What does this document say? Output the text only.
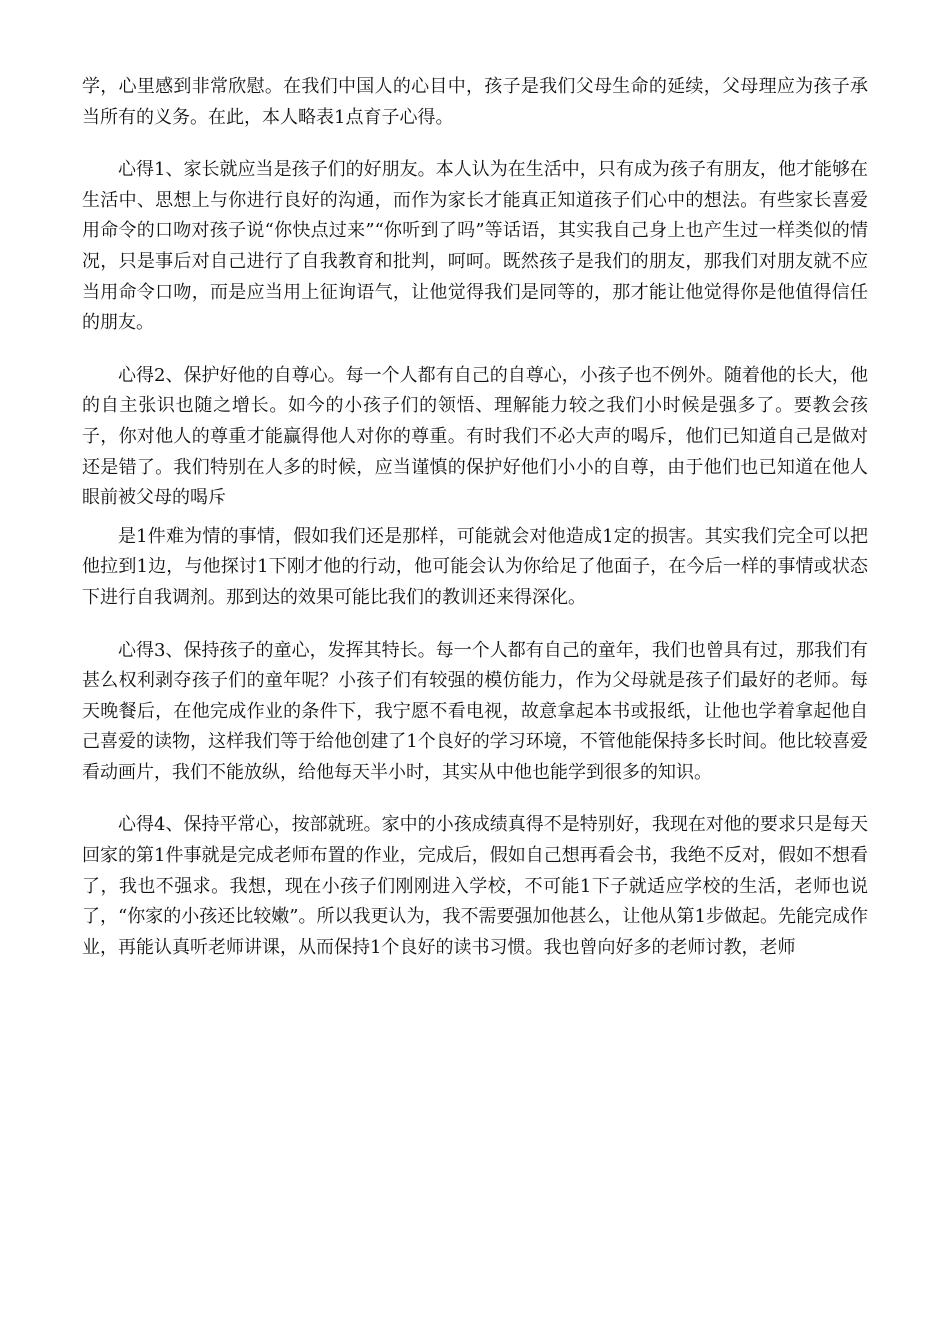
学，心里感到非常欣慰。在我们中国人的心目中，孩子是我们父母生命的延续，父母理应为孩子承当所有的义务。在此，本人略表1点育子心得。

心得1、家长就应当是孩子们的好朋友。本人认为在生活中，只有成为孩子有朋友，他才能够在生活中、思想上与你进行良好的沟通，而作为家长才能真正知道孩子们心中的想法。有些家长喜爱用命令的口吻对孩子说“你快点过来”“你听到了吗”等话语，其实我自己身上也产生过一样类似的情况，只是事后对自己进行了自我教育和批判，呵呵。既然孩子是我们的朋友，那我们对朋友就不应当用命令口吻，而是应当用上征询语气，让他觉得我们是同等的，那才能让他觉得你是他值得信任的朋友。

心得2、保护好他的自尊心。每一个人都有自己的自尊心，小孩子也不例外。随着他的长大，他的自主张识也随之增长。如今的小孩子们的领悟、理解能力较之我们小时候是强多了。要教会孩子，你对他人的尊重才能赢得他人对你的尊重。有时我们不必大声的喝斥，他们已知道自己是做对还是错了。我们特别在人多的时候，应当谨慎的保护好他们小小的自尊，由于他们也已知道在他人眼前被父母的喝斥

是1件难为情的事情，假如我们还是那样，可能就会对他造成1定的损害。其实我们完全可以把他拉到1边，与他探讨1下刚才他的行动，他可能会认为你给足了他面子，在今后一样的事情或状态下进行自我调剂。那到达的效果可能比我们的教训还来得深化。

心得3、保持孩子的童心，发挥其特长。每一个人都有自己的童年，我们也曾具有过，那我们有甚么权利剥夺孩子们的童年呢？小孩子们有较强的模仿能力，作为父母就是孩子们最好的老师。每天晚餐后，在他完成作业的条件下，我宁愿不看电视，故意拿起本书或报纸，让他也学着拿起他自己喜爱的读物，这样我们等于给他创建了1个良好的学习环境，不管他能保持多长时间。他比较喜爱看动画片，我们不能放纵，给他每天半小时，其实从中他也能学到很多的知识。

心得4、保持平常心，按部就班。家中的小孩成绩真得不是特别好，我现在对他的要求只是每天回家的第1件事就是完成老师布置的作业，完成后，假如自己想再看会书，我绝不反对，假如不想看了，我也不强求。我想，现在小孩子们刚刚进入学校，不可能1下子就适应学校的生活，老师也说了，“你家的小孩还比较嫩”。所以我更认为，我不需要强加他甚么，让他从第1步做起。先能完成作业，再能认真听老师讲课，从而保持1个良好的读书习惯。我也曾向好多的老师讨教，老师
